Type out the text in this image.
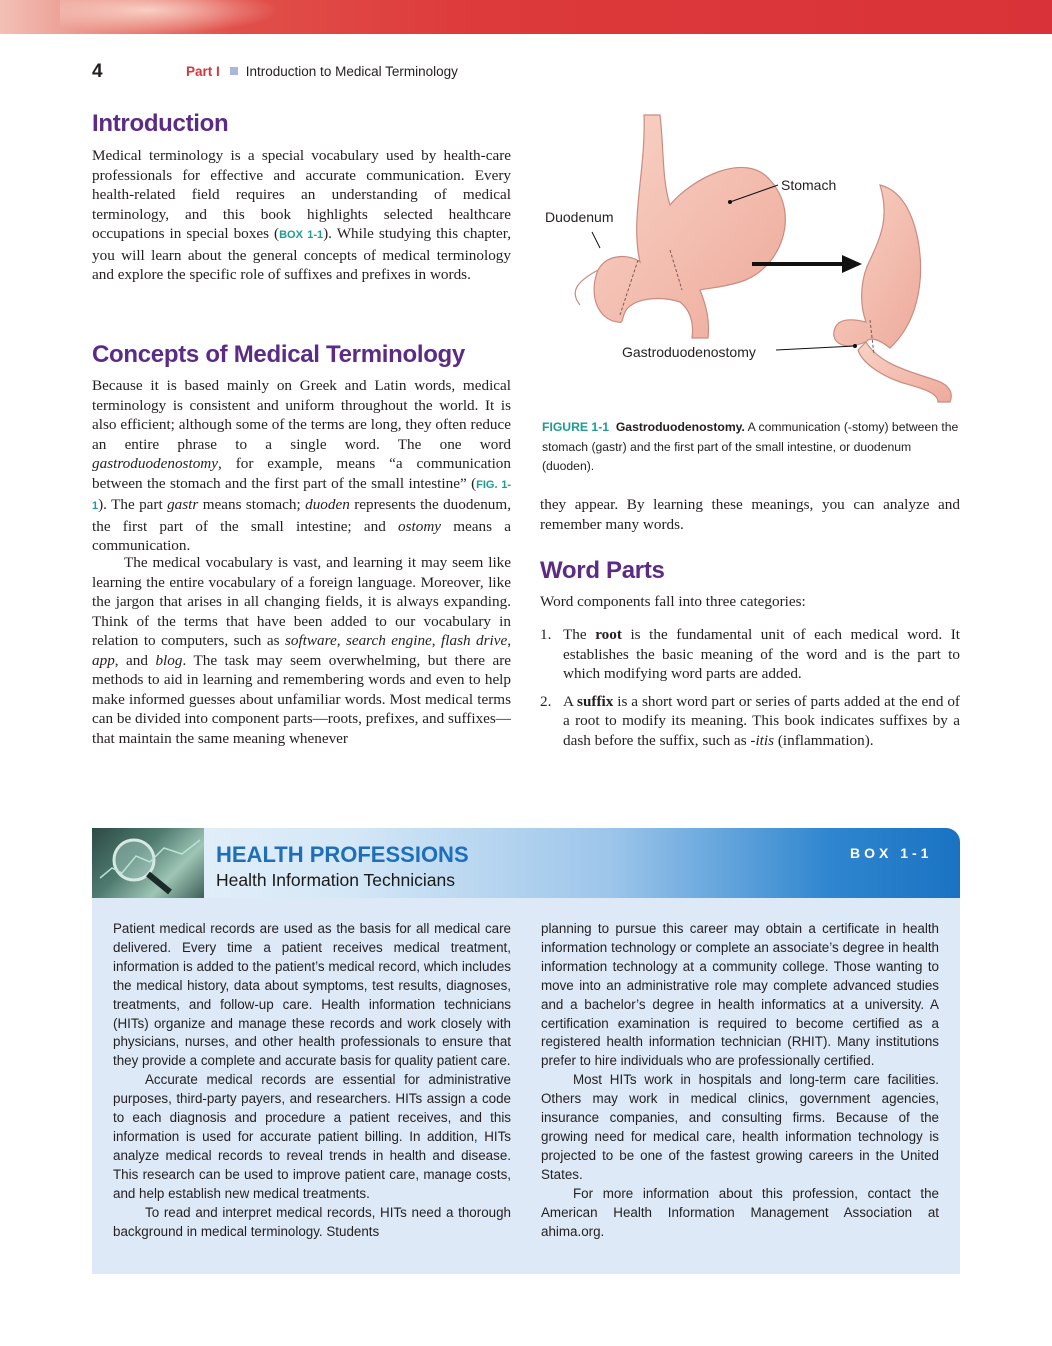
4	Part I Introduction to Medical Terminology
Introduction

Medical terminology is a special vocabulary used by health-care professionals for effective and accurate communication. Every health-related field requires an understanding of medical terminology, and this book highlights selected healthcare occupations in special boxes (BOX 1-1). While studying this chapter, you will learn about the general concepts of medical terminology and explore the specific role of suffixes and prefixes in words.

Concepts of Medical Terminology

Because it is based mainly on Greek and Latin words, medical terminology is consistent and uniform throughout the world. It is also efficient; although some of the terms are long, they often reduce an entire phrase to a single word. The one word gastroduodenostomy, for example, means “a communication between the stomach and the first part of the small intestine” (FIG. 1-1). The part gastr means stomach; duoden represents the duodenum, the first part of the small intestine; and ostomy means a communication.

The medical vocabulary is vast, and learning it may seem like learning the entire vocabulary of a foreign language. Moreover, like the jargon that arises in all changing fields, it is always expanding. Think of the terms that have been added to our vocabulary in relation to computers, such as software, search engine, flash drive, app, and blog. The task may seem overwhelming, but there are methods to aid in learning and remembering words and even to help make informed guesses about unfamiliar words. Most medical terms can be divided into component parts—roots, prefixes, and suffixes—that maintain the same meaning whenever

Stomach
Duodenum
Gastroduodenostomy
FIGURE 1-1 Gastroduodenostomy. A communication (-stomy) between the stomach (gastr) and the first part of the small intestine, or duodenum (duoden).

they appear. By learning these meanings, you can analyze and remember many words.

Word Parts

Word components fall into three categories:

1. The root is the fundamental unit of each medical word. It establishes the basic meaning of the word and is the part to which modifying word parts are added.
2. A suffix is a short word part or series of parts added at the end of a root to modify its meaning. This book indicates suffixes by a dash before the suffix, such as -itis (inflammation).
HEALTH PROFESSIONS
Health Information Technicians
BOX 1-1

Patient medical records are used as the basis for all medical care delivered. Every time a patient receives medical treatment, information is added to the patient’s medical record, which includes the medical history, data about symptoms, test results, diagnoses, treatments, and follow-up care. Health information technicians (HITs) organize and manage these records and work closely with physicians, nurses, and other health professionals to ensure that they provide a complete and accurate basis for quality patient care.

Accurate medical records are essential for administrative purposes, third-party payers, and researchers. HITs assign a code to each diagnosis and procedure a patient receives, and this information is used for accurate patient billing. In addition, HITs analyze medical records to reveal trends in health and disease. This research can be used to improve patient care, manage costs, and help establish new medical treatments.

To read and interpret medical records, HITs need a thorough background in medical terminology. Students

planning to pursue this career may obtain a certificate in health information technology or complete an associate’s degree in health information technology at a community college. Those wanting to move into an administrative role may complete advanced studies and a bachelor’s degree in health informatics at a university. A certification examination is required to become certified as a registered health information technician (RHIT). Many institutions prefer to hire individuals who are professionally certified.

Most HITs work in hospitals and long-term care facilities. Others may work in medical clinics, government agencies, insurance companies, and consulting firms. Because of the growing need for medical care, health information technology is projected to be one of the fastest growing careers in the United States.

For more information about this profession, contact the American Health Information Management Association at ahima.org.
